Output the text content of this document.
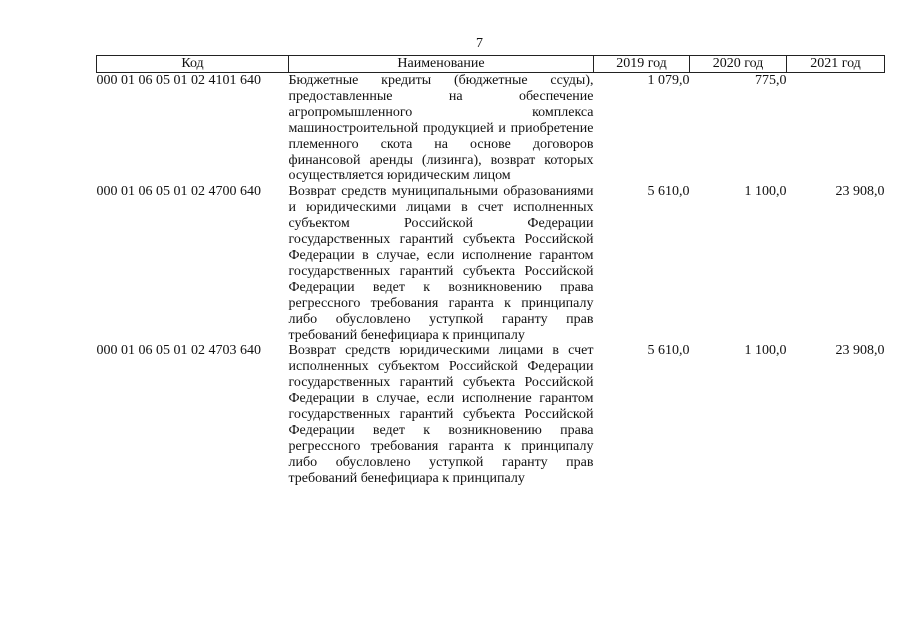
7
Код	Наименование	2019 год	2020 год	2021 год
000 01 06 05 01 02 4101 640	Бюджетные кредиты (бюджетные ссуды), предоставленные на обеспечение агропромышленного комплекса машиностроительной продукцией и приобретение племенного скота на основе договоров финансовой аренды (лизинга), возврат которых осуществляется юридическим лицом	1 079,0	775,0	
000 01 06 05 01 02 4700 640	Возврат средств муниципальными образованиями и юридическими лицами в счет исполненных субъектом Российской Федерации государственных гарантий субъекта Российской Федерации в случае, если исполнение гарантом государственных гарантий субъекта Российской Федерации ведет к возникновению права регрессного требования гаранта к принципалу либо обусловлено уступкой гаранту прав требований бенефициара к принципалу	5 610,0	1 100,0	23 908,0
000 01 06 05 01 02 4703 640	Возврат средств юридическими лицами в счет исполненных субъектом Российской Федерации государственных гарантий субъекта Российской Федерации в случае, если исполнение гарантом государственных гарантий субъекта Российской Федерации ведет к возникновению права регрессного требования гаранта к принципалу либо обусловлено уступкой гаранту прав требований бенефициара к принципалу	5 610,0	1 100,0	23 908,0
